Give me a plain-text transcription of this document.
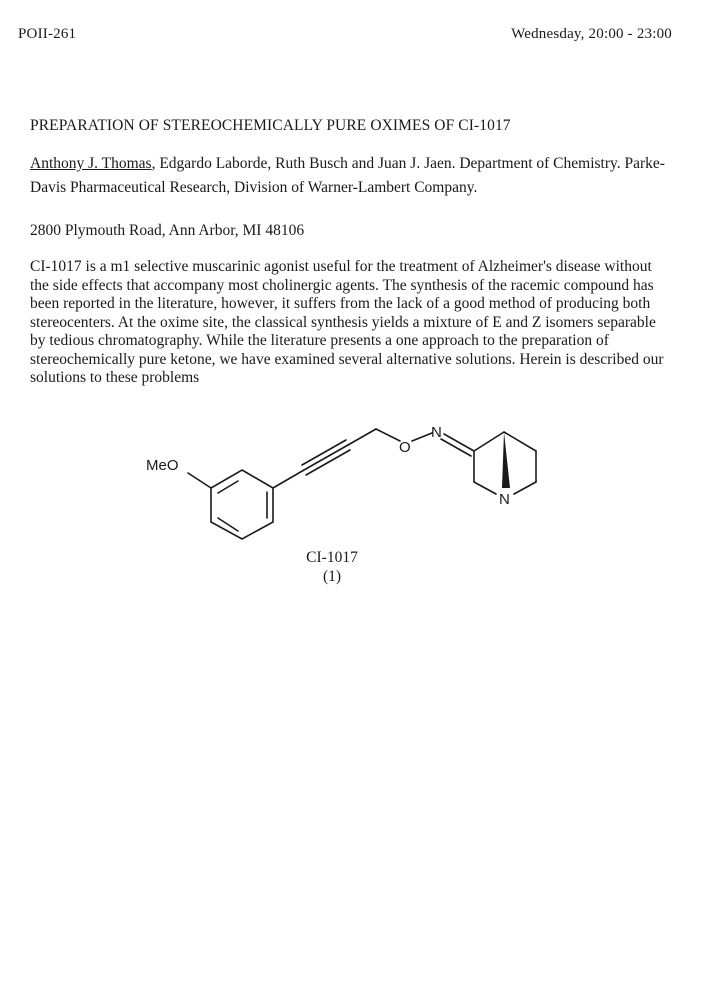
POII-261	Wednesday, 20:00 - 23:00
PREPARATION OF STEREOCHEMICALLY PURE OXIMES OF CI-1017
Anthony J. Thomas, Edgardo Laborde, Ruth Busch and Juan J. Jaen. Department of Chemistry. Parke-Davis Pharmaceutical Research, Division of Warner-Lambert Company.
2800 Plymouth Road, Ann Arbor, MI 48106
CI-1017 is a m1 selective muscarinic agonist useful for the treatment of Alzheimer's disease without the side effects that accompany most cholinergic agents. The synthesis of the racemic compound has been reported in the literature, however, it suffers from the lack of a good method of producing both stereocenters. At the oxime site, the classical synthesis yields a mixture of E and Z isomers separable by tedious chromatography. While the literature presents a one approach to the preparation of stereochemically pure ketone, we have examined several alternative solutions. Herein is described our solutions to these problems
MeO
O
N
N
CI-1017
(1)
